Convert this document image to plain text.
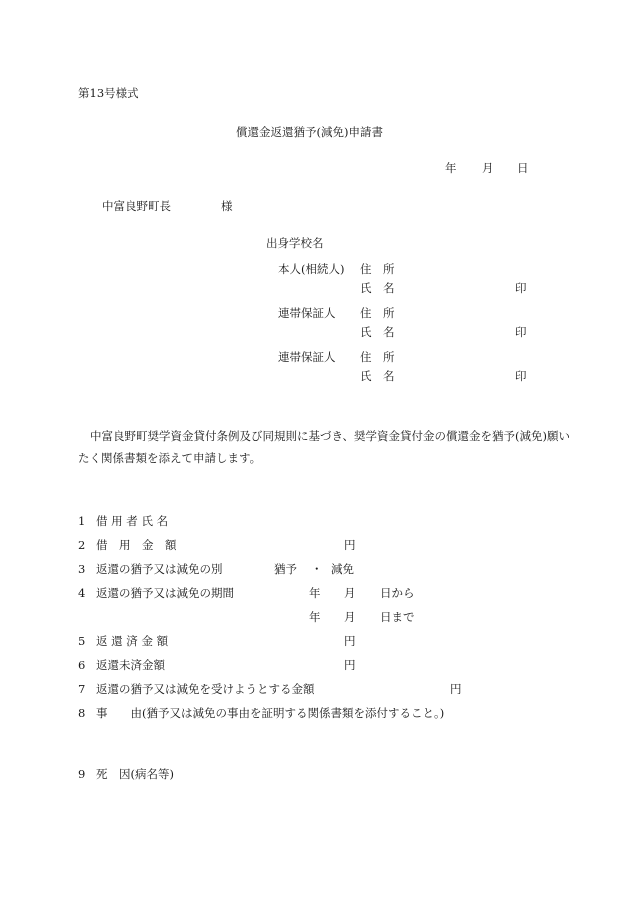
第13号様式
償還金返還猶予(減免)申請書
年 月 日
中富良野町長	様
出身学校名
本人(相続人) 住　所
氏　名	印
連帯保証人 住　所
氏　名	印
連帯保証人 住　所
氏　名	印
中富良野町奨学資金貸付条例及び同規則に基づき、奨学資金貸付金の償還金を猶予(減免)願いたく関係書類を添えて申請します。
1 借 用 者 氏 名
2 借　用　金　額	円
3 返還の猶予又は減免の別	猶予 ・ 減免
4 返還の猶予又は減免の期間	年 月 日から
年 月 日まで
5 返 還 済 金 額	円
6 返還未済金額	円
7 返還の猶予又は減免を受けようとする金額	円
8 事　　由(猶予又は減免の事由を証明する関係書類を添付すること。)
9 死　因(病名等)
